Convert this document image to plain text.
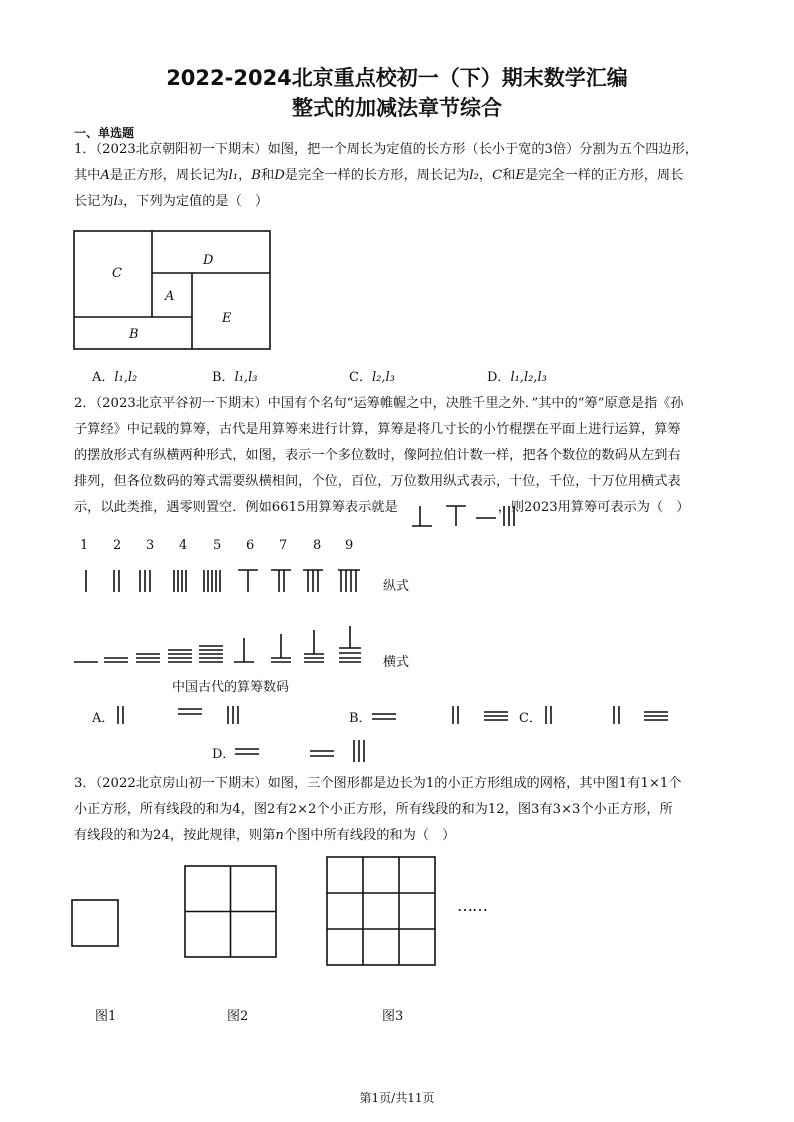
2022-2024北京重点校初一（下）期末数学汇编
整式的加减法章节综合
一、单选题
1．（2023北京朝阳初一下期末）如图，把一个周长为定值的长方形（长小于宽的3倍）分割为五个四边形，
其中A是正方形，周长记为l₁，B和D是完全一样的长方形，周长记为l₂，C和E是完全一样的正方形，周长
长记为l₃，下列为定值的是（　）
C
D
A
E
B
A．l₁,l₂	B．l₁,l₃	C．l₂,l₃	D．l₁,l₂,l₃
2．（2023北京平谷初一下期末）中国有个名句“运筹帷幄之中，决胜千里之外．”其中的“筹”原意是指《孙
子算经》中记载的算筹，古代是用算筹来进行计算，算筹是将几寸长的小竹棍摆在平面上进行运算，算筹
的摆放形式有纵横两种形式，如图，表示一个多位数时，像阿拉伯计数一样，把各个数位的数码从左到右
排列，但各位数码的筹式需要纵横相间，个位，百位，万位数用纵式表示，十位，千位，十万位用横式表
示，以此类推，遇零则置空．例如6615用算筹表示就是	，则2023用算筹可表示为（　）
1 2 3 4 5 6 7 8 9
纵式
横式
中国古代的算筹数码
A．	B．	C．
D．
3．（2022北京房山初一下期末）如图，三个图形都是边长为1的小正方形组成的网格，其中图1有1×1个
小正方形，所有线段的和为4，图2有2×2个小正方形，所有线段的和为12，图3有3×3个小正方形，所
有线段的和为24，按此规律，则第n个图中所有线段的和为（　）
……
图1	图2	图3
第1页/共11页
